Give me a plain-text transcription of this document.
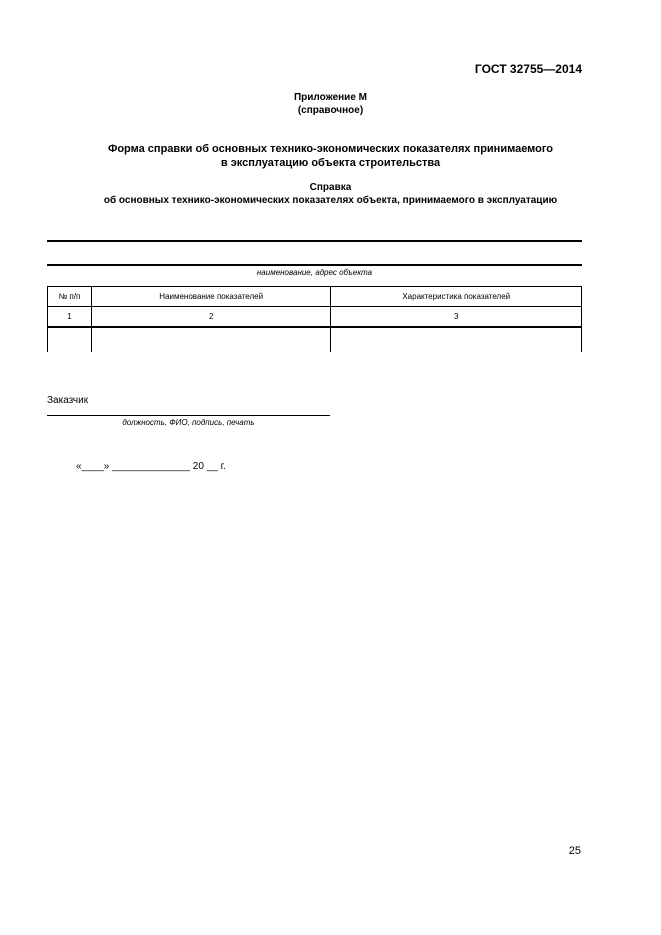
ГОСТ 32755—2014
Приложение М
(справочное)
Форма справки об основных технико-экономических показателях принимаемого
в эксплуатацию объекта строительства
Справка
об основных технико-экономических показателях объекта, принимаемого в эксплуатацию
наименование, адрес объекта
№ п/п	Наименование показателей	Характеристика показателей
1	2	3

Заказчик
должность, ФИО, подпись, печать
«____» ______________ 20 __ г.
25
